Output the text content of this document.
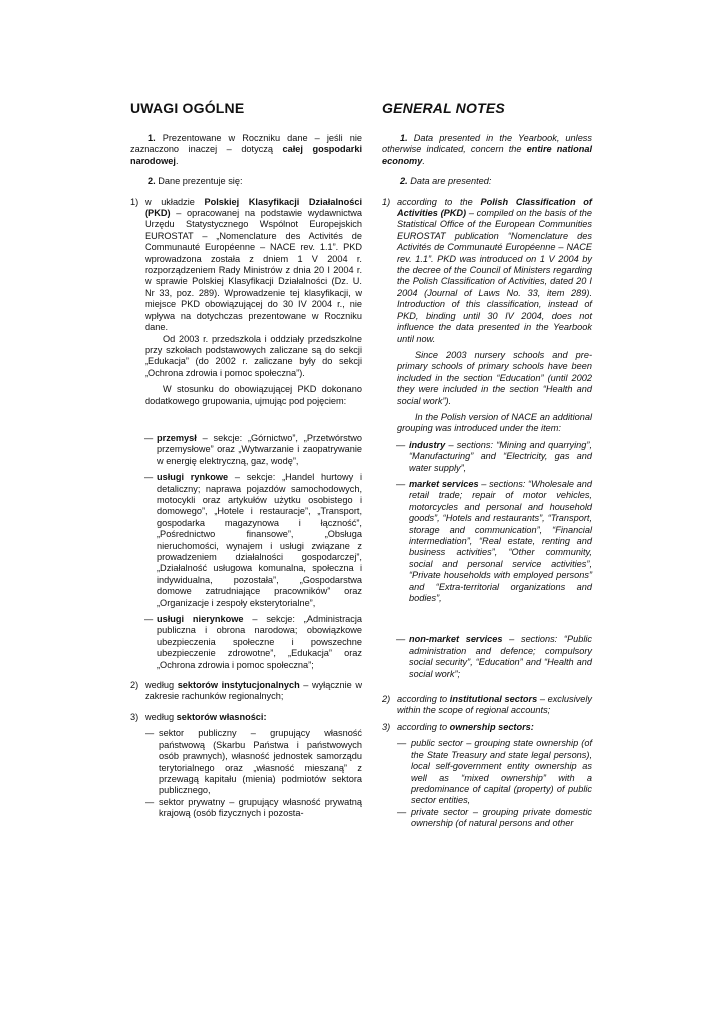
UWAGI OGÓLNE

1. Prezentowane w Roczniku dane – jeśli nie zaznaczono inaczej – dotyczą całej gospodarki narodowej.

2. Dane prezentuje się:

1) w układzie Polskiej Klasyfikacji Działalności (PKD) – opracowanej na podstawie wydawnictwa Urzędu Statystycznego Wspólnot Europejskich EUROSTAT – „Nomenclature des Activités de Communauté Européenne – NACE rev. 1.1”. PKD wprowadzona została z dniem 1 V 2004 r. rozporządzeniem Rady Ministrów z dnia 20 I 2004 r. w sprawie Polskiej Klasyfikacji Działalności (Dz. U. Nr 33, poz. 289). Wprowadzenie tej klasyfikacji, w miejsce PKD obowiązującej do 30 IV 2004 r., nie wpływa na dotychczas prezentowane w Roczniku dane.

Od 2003 r. przedszkola i oddziały przedszkolne przy szkołach podstawowych zaliczane są do sekcji „Edukacja” (do 2002 r. zaliczane były do sekcji „Ochrona zdrowia i pomoc społeczna”).

W stosunku do obowiązującej PKD dokonano dodatkowego grupowania, ujmując pod pojęciem:

— przemysł – sekcje: „Górnictwo”, „Przetwórstwo przemysłowe” oraz „Wytwarzanie i zaopatrywanie w energię elektryczną, gaz, wodę”,
— usługi rynkowe – sekcje: „Handel hurtowy i detaliczny; naprawa pojazdów samochodowych, motocykli oraz artykułów użytku osobistego i domowego”, „Hotele i restauracje”, „Transport, gospodarka magazynowa i łączność”, „Pośrednictwo finansowe”, „Obsługa nieruchomości, wynajem i usługi związane z prowadzeniem działalności gospodarczej”, „Działalność usługowa komunalna, społeczna i indywidualna, pozostała”, „Gospodarstwa domowe zatrudniające pracowników” oraz „Organizacje i zespoły eksterytorialne”,
— usługi nierynkowe – sekcje: „Administracja publiczna i obrona narodowa; obowiązkowe ubezpieczenia społeczne i powszechne ubezpieczenie zdrowotne”, „Edukacja” oraz „Ochrona zdrowia i pomoc społeczna”;
2) według sektorów instytucjonalnych – wyłącznie w zakresie rachunków regionalnych;
3) według sektorów własności:
— sektor publiczny – grupujący własność państwową (Skarbu Państwa i państwowych osób prawnych), własność jednostek samorządu terytorialnego oraz „własność mieszaną” z przewagą kapitału (mienia) podmiotów sektora publicznego,
— sektor prywatny – grupujący własność prywatną krajową (osób fizycznych i pozosta-
GENERAL NOTES

1. Data presented in the Yearbook, unless otherwise indicated, concern the entire national economy.

2. Data are presented:

1) according to the Polish Classification of Activities (PKD) – compiled on the basis of the Statistical Office of the European Communities EUROSTAT publication “Nomenclature des Activités de Communauté Européenne – NACE rev. 1.1”. PKD was introduced on 1 V 2004 by the decree of the Council of Ministers regarding the Polish Classification of Activities, dated 20 I 2004 (Journal of Laws No. 33, item 289). Introduction of this classification, instead of PKD, binding until 30 IV 2004, does not influence the data presented in the Yearbook until now.

Since 2003 nursery schools and pre-primary schools of primary schools have been included in the section “Education” (until 2002 they were included in the section “Health and social work”).

In the Polish version of NACE an additional grouping was introduced under the item:

— industry – sections: “Mining and quarrying”, “Manufacturing” and “Electricity, gas and water supply”,
— market services – sections: “Wholesale and retail trade; repair of motor vehicles, motorcycles and personal and household goods”, “Hotels and restaurants”, “Transport, storage and communication”, “Financial intermediation”, “Real estate, renting and business activities”, “Other community, social and personal service activities”, “Private households with employed persons” and “Extra-territorial organizations and bodies”,
— non-market services – sections: “Public administration and defence; compulsory social security”, “Education” and “Health and social work”;
2) according to institutional sectors – exclusively within the scope of regional accounts;
3) according to ownership sectors:
— public sector – grouping state ownership (of the State Treasury and state legal persons), local self-government entity ownership as well as “mixed ownership” with a predominance of capital (property) of public sector entities,
— private sector – grouping private domestic ownership (of natural persons and other
